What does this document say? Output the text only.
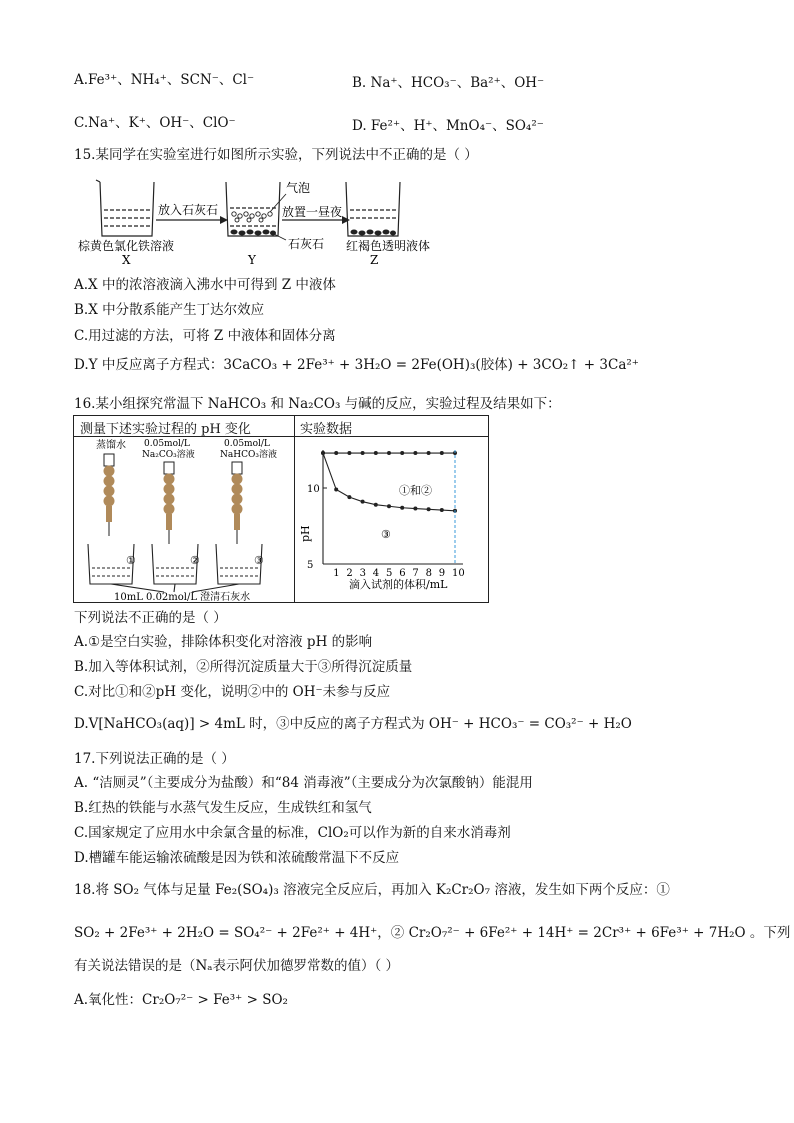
A.Fe³⁺、NH₄⁺、SCN⁻、Cl⁻	B. Na⁺、HCO₃⁻、Ba²⁺、OH⁻
C.Na⁺、K⁺、OH⁻、ClO⁻	D. Fe²⁺、H⁺、MnO₄⁻、SO₄²⁻
15.某同学在实验室进行如图所示实验，下列说法中不正确的是（ ）
放入石灰石
气泡
放置一昼夜
石灰石
棕黄色氯化铁溶液
X	Y
红褐色透明液体
Z
A.X 中的浓溶液滴入沸水中可得到 Z 中液体
B.X 中分散系能产生丁达尔效应
C.用过滤的方法，可将 Z 中液体和固体分离
D.Y 中反应离子方程式：3CaCO₃ + 2Fe³⁺ + 3H₂O = 2Fe(OH)₃(胶体) + 3CO₂↑ + 3Ca²⁺
16.某小组探究常温下 NaHCO₃ 和 Na₂CO₃ 与碱的反应，实验过程及结果如下：
测量下述实验过程的 pH 变化	实验数据
蒸馏水 0.05mol/L
Na₂CO₃溶液
0.05mol/L
NaHCO₃溶液
①	②	③
10mL 0.02mol/L 澄清石灰水
pH
滴入试剂的体积/mL
1 2 3 4 5 6 7 8 9 10
5
10	①和②
③
下列说法不正确的是（ ）
A.①是空白实验，排除体积变化对溶液 pH 的影响
B.加入等体积试剂，②所得沉淀质量大于③所得沉淀质量
C.对比①和②pH 变化，说明②中的 OH⁻未参与反应
D.V[NaHCO₃(aq)] > 4mL 时，③中反应的离子方程式为 OH⁻ + HCO₃⁻ = CO₃²⁻ + H₂O
17.下列说法正确的是（ ）
A. “洁厕灵”（主要成分为盐酸）和“84 消毒液”（主要成分为次氯酸钠）能混用
B.红热的铁能与水蒸气发生反应，生成铁红和氢气
C.国家规定了应用水中余氯含量的标准，ClO₂可以作为新的自来水消毒剂
D.槽罐车能运输浓硫酸是因为铁和浓硫酸常温下不反应
18.将 SO₂ 气体与足量 Fe₂(SO₄)₃ 溶液完全反应后，再加入 K₂Cr₂O₇ 溶液，发生如下两个反应：①
SO₂ + 2Fe³⁺ + 2H₂O = SO₄²⁻ + 2Fe²⁺ + 4H⁺，② Cr₂O₇²⁻ + 6Fe²⁺ + 14H⁺ = 2Cr³⁺ + 6Fe³⁺ + 7H₂O 。下列
有关说法错误的是（Nₐ表示阿伏加德罗常数的值）（ ）
A.氧化性：Cr₂O₇²⁻ > Fe³⁺ > SO₂
